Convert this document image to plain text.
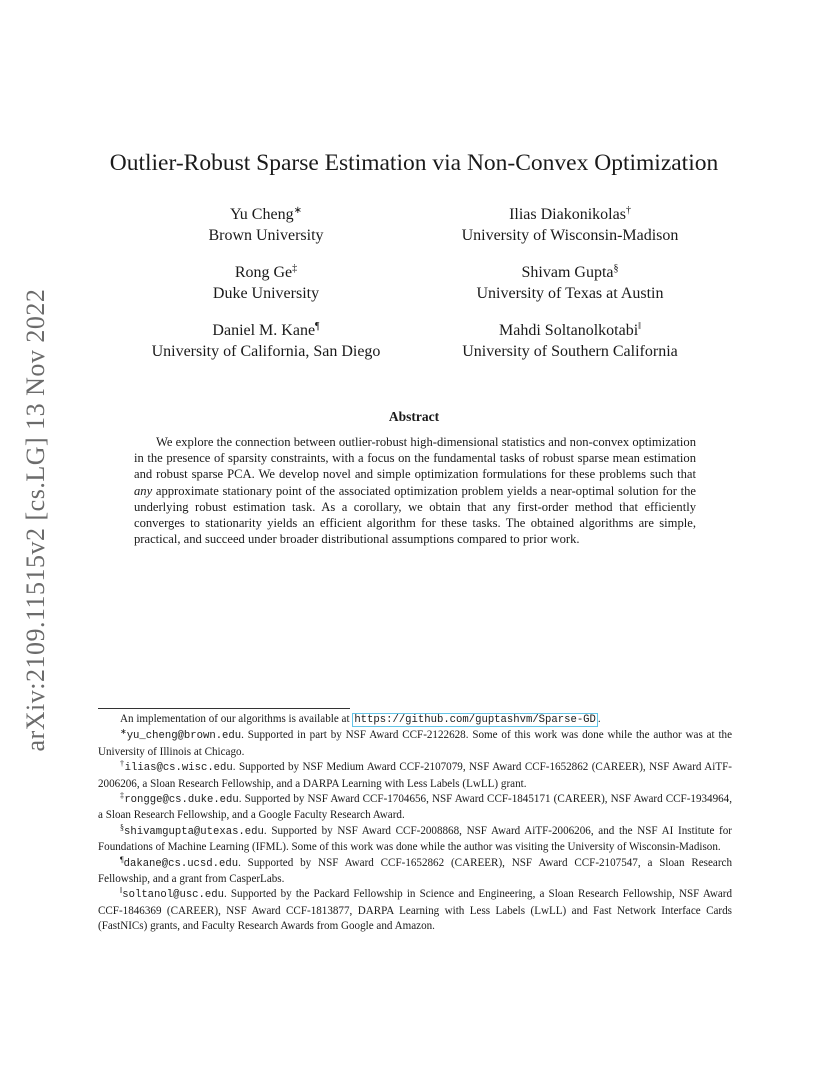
arXiv:2109.11515v2 [cs.LG] 13 Nov 2022
Outlier-Robust Sparse Estimation via Non-Convex Optimization
Yu Cheng∗
Brown University
Ilias Diakonikolas†
University of Wisconsin-Madison
Rong Ge‡
Duke University
Shivam Gupta§
University of Texas at Austin
Daniel M. Kane¶
University of California, San Diego
Mahdi Soltanolkotabi‖
University of Southern California
Abstract

We explore the connection between outlier-robust high-dimensional statistics and non-convex optimization in the presence of sparsity constraints, with a focus on the fundamental tasks of robust sparse mean estimation and robust sparse PCA. We develop novel and simple optimization formulations for these problems such that any approximate stationary point of the associated optimization problem yields a near-optimal solution for the underlying robust estimation task. As a corollary, we obtain that any first-order method that efficiently converges to stationarity yields an efficient algorithm for these tasks. The obtained algorithms are simple, practical, and succeed under broader distributional assumptions compared to prior work.

An implementation of our algorithms is available at https://github.com/guptashvm/Sparse-GD .

∗yu_cheng@brown.edu. Supported in part by NSF Award CCF-2122628. Some of this work was done while the author was at the University of Illinois at Chicago.

†ilias@cs.wisc.edu. Supported by NSF Medium Award CCF-2107079, NSF Award CCF-1652862 (CAREER), NSF Award AiTF-2006206, a Sloan Research Fellowship, and a DARPA Learning with Less Labels (LwLL) grant.

‡rongge@cs.duke.edu. Supported by NSF Award CCF-1704656, NSF Award CCF-1845171 (CAREER), NSF Award CCF-1934964, a Sloan Research Fellowship, and a Google Faculty Research Award.

§shivamgupta@utexas.edu. Supported by NSF Award CCF-2008868, NSF Award AiTF-2006206, and the NSF AI Institute for Foundations of Machine Learning (IFML). Some of this work was done while the author was visiting the University of Wisconsin-Madison.

¶dakane@cs.ucsd.edu. Supported by NSF Award CCF-1652862 (CAREER), NSF Award CCF-2107547, a Sloan Research Fellowship, and a grant from CasperLabs.

‖soltanol@usc.edu. Supported by the Packard Fellowship in Science and Engineering, a Sloan Research Fellowship, NSF Award CCF-1846369 (CAREER), NSF Award CCF-1813877, DARPA Learning with Less Labels (LwLL) and Fast Network Interface Cards (FastNICs) grants, and Faculty Research Awards from Google and Amazon.
